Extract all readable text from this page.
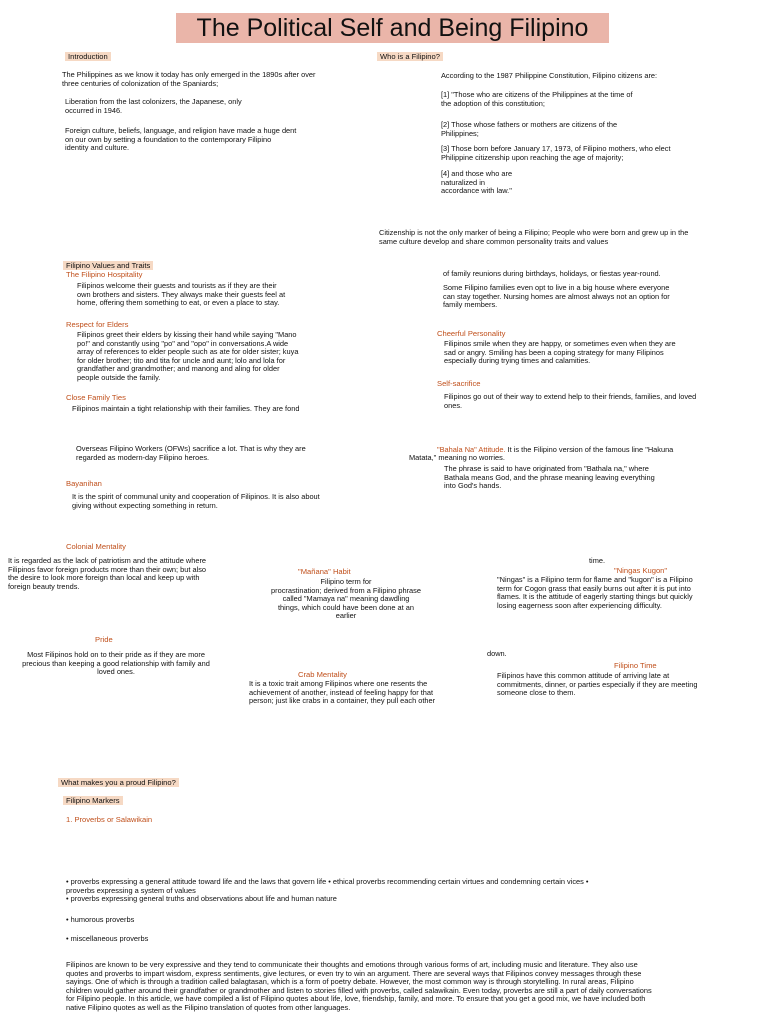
The Political Self and Being Filipino
Introduction
The Philippines as we know it today has only emerged in the 1890s after over
three centuries of colonization of the Spaniards;
Liberation from the last colonizers, the Japanese, only
occurred in 1946.
Foreign culture, beliefs, language, and religion have made a huge dent
on our own by setting a foundation to the contemporary Filipino
identity and culture.
Who is a Filipino?
According to the 1987 Philippine Constitution, Filipino citizens are:
[1] "Those who are citizens of the Philippines at the time of
the adoption of this constitution;
[2] Those whose fathers or mothers are citizens of the
Philippines;
[3] Those born before January 17, 1973, of Filipino mothers, who elect
Philippine citizenship upon reaching the age of majority;
[4] and those who are
naturalized in
accordance with law."
Citizenship is not the only marker of being a Filipino; People who were born and grew up in the
same culture develop and share common personality traits and values
Filipino Values and Traits
The Filipino Hospitality
Filipinos welcome their guests and tourists as if they are their
own brothers and sisters. They always make their guests feel at
home, offering them something to eat, or even a place to stay.
Respect for Elders
Filipinos greet their elders by kissing their hand while saying "Mano
po!" and constantly using "po" and "opo" in conversations.A wide
array of references to elder people such as ate for older sister; kuya
for older brother; tito and tita for uncle and aunt; lolo and lola for
grandfather and grandmother; and manong and aling for older
people outside the family.
Close Family Ties
Filipinos maintain a tight relationship with their families. They are fond
of family reunions during birthdays, holidays, or fiestas year-round.
Some Filipino families even opt to live in a big house where everyone
can stay together. Nursing homes are almost always not an option for
family members.
Cheerful Personality
Filipinos smile when they are happy, or sometimes even when they are
sad or angry. Smiling has been a coping strategy for many Filipinos
especially during trying times and calamities.
Self-sacrifice
Filipinos go out of their way to extend help to their friends, families, and loved
ones.
Overseas Filipino Workers (OFWs) sacrifice a lot. That is why they are
regarded as modern-day Filipino heroes.
"Bahala Na" Attitude. It is the Filipino version of the famous line "Hakuna
Matata," meaning no worries.
The phrase is said to have originated from "Bathala na," where
Bathala means God, and the phrase meaning leaving everything
into God's hands.
Bayanihan
It is the spirit of communal unity and cooperation of Filipinos. It is also about
giving without expecting something in return.
Colonial Mentality
It is regarded as the lack of patriotism and the attitude where
Filipinos favor foreign products more than their own; but also
the desire to look more foreign than local and keep up with
foreign beauty trends.
"Mañana" Habit
Filipino term for
procrastination; derived from a Filipino phrase
called "Mamaya na" meaning dawdling
things, which could have been done at an earlier
time.
"Ningas Kugon"
"Ningas" is a Filipino term for flame and "kugon" is a Filipino
term for Cogon grass that easily burns out after it is put into
flames. It is the attitude of eagerly starting things but quickly
losing eagerness soon after experiencing difficulty.
Pride
Most Filipinos hold on to their pride as if they are more
precious than keeping a good relationship with family and
loved ones.
down.
Crab Mentality
It is a toxic trait among Filipinos where one resents the
achievement of another, instead of feeling happy for that
person; just like crabs in a container, they pull each other
Filipino Time
Filipinos have this common attitude of arriving late at
commitments, dinner, or parties especially if they are meeting
someone close to them.
What makes you a proud Filipino?
Filipino Markers
1. Proverbs or Salawikain
• proverbs expressing a general attitude toward life and the laws that govern life • ethical proverbs recommending certain virtues and condemning certain vices •
proverbs expressing a system of values
• proverbs expressing general truths and observations about life and human nature
• humorous proverbs
• miscellaneous proverbs
Filipinos are known to be very expressive and they tend to communicate their thoughts and emotions through various forms of art, including music and literature. They also use
quotes and proverbs to impart wisdom, express sentiments, give lectures, or even try to win an argument. There are several ways that Filipinos convey messages through these
sayings. One of which is through a tradition called balagtasan, which is a form of poetry debate. However, the most common way is through storytelling. In rural areas, Filipino
children would gather around their grandfather or grandmother and listen to stories filled with proverbs, called salawikain. Even today, proverbs are still a part of daily conversations
for Filipino people. In this article, we have compiled a list of Filipino quotes about life, love, friendship, family, and more. To ensure that you get a good mix, we have included both
native Filipino quotes as well as the Filipino translation of quotes from other languages.
